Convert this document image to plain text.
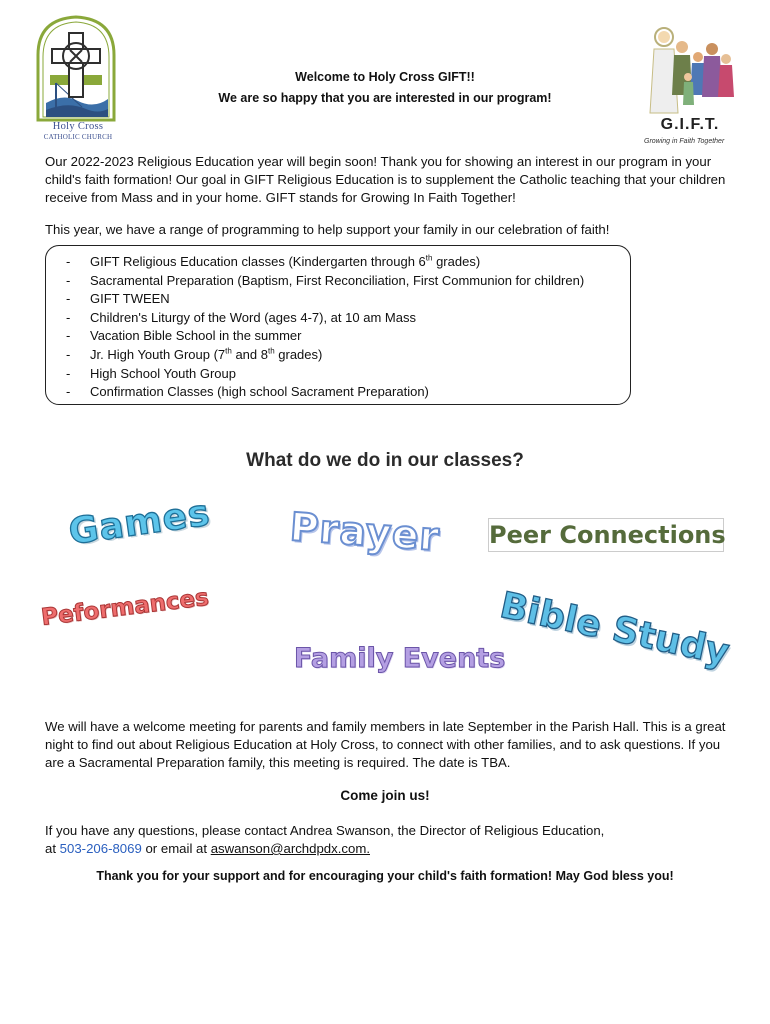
Holy Cross
CATHOLIC CHURCH
Welcome to Holy Cross GIFT!!
We are so happy that you are interested in our program!
G.I.F.T.
Growing in Faith Together
Our 2022-2023 Religious Education year will begin soon! Thank you for showing an interest in our program in your child's faith formation! Our goal in GIFT Religious Education is to supplement the Catholic teaching that your children receive from Mass and in your home. GIFT stands for Growing In Faith Together!
This year, we have a range of programming to help support your family in our celebration of faith!
- GIFT Religious Education classes (Kindergarten through 6th grades)
- Sacramental Preparation (Baptism, First Reconciliation, First Communion for children)
- GIFT TWEEN
- Children's Liturgy of the Word (ages 4-7), at 10 am Mass
- Vacation Bible School in the summer
- Jr. High Youth Group (7th and 8th grades)
- High School Youth Group
- Confirmation Classes (high school Sacrament Preparation)
What do we do in our classes?
Games Prayer Peer Connections
Bible Study
Peformances
Family Events
We will have a welcome meeting for parents and family members in late September in the Parish Hall. This is a great night to find out about Religious Education at Holy Cross, to connect with other families, and to ask questions. If you are a Sacramental Preparation family, this meeting is required. The date is TBA.
Come join us!
If you have any questions, please contact Andrea Swanson, the Director of Religious Education,
at 503-206-8069 or email at aswanson@archdpdx.com.
Thank you for your support and for encouraging your child's faith formation! May God bless you!
